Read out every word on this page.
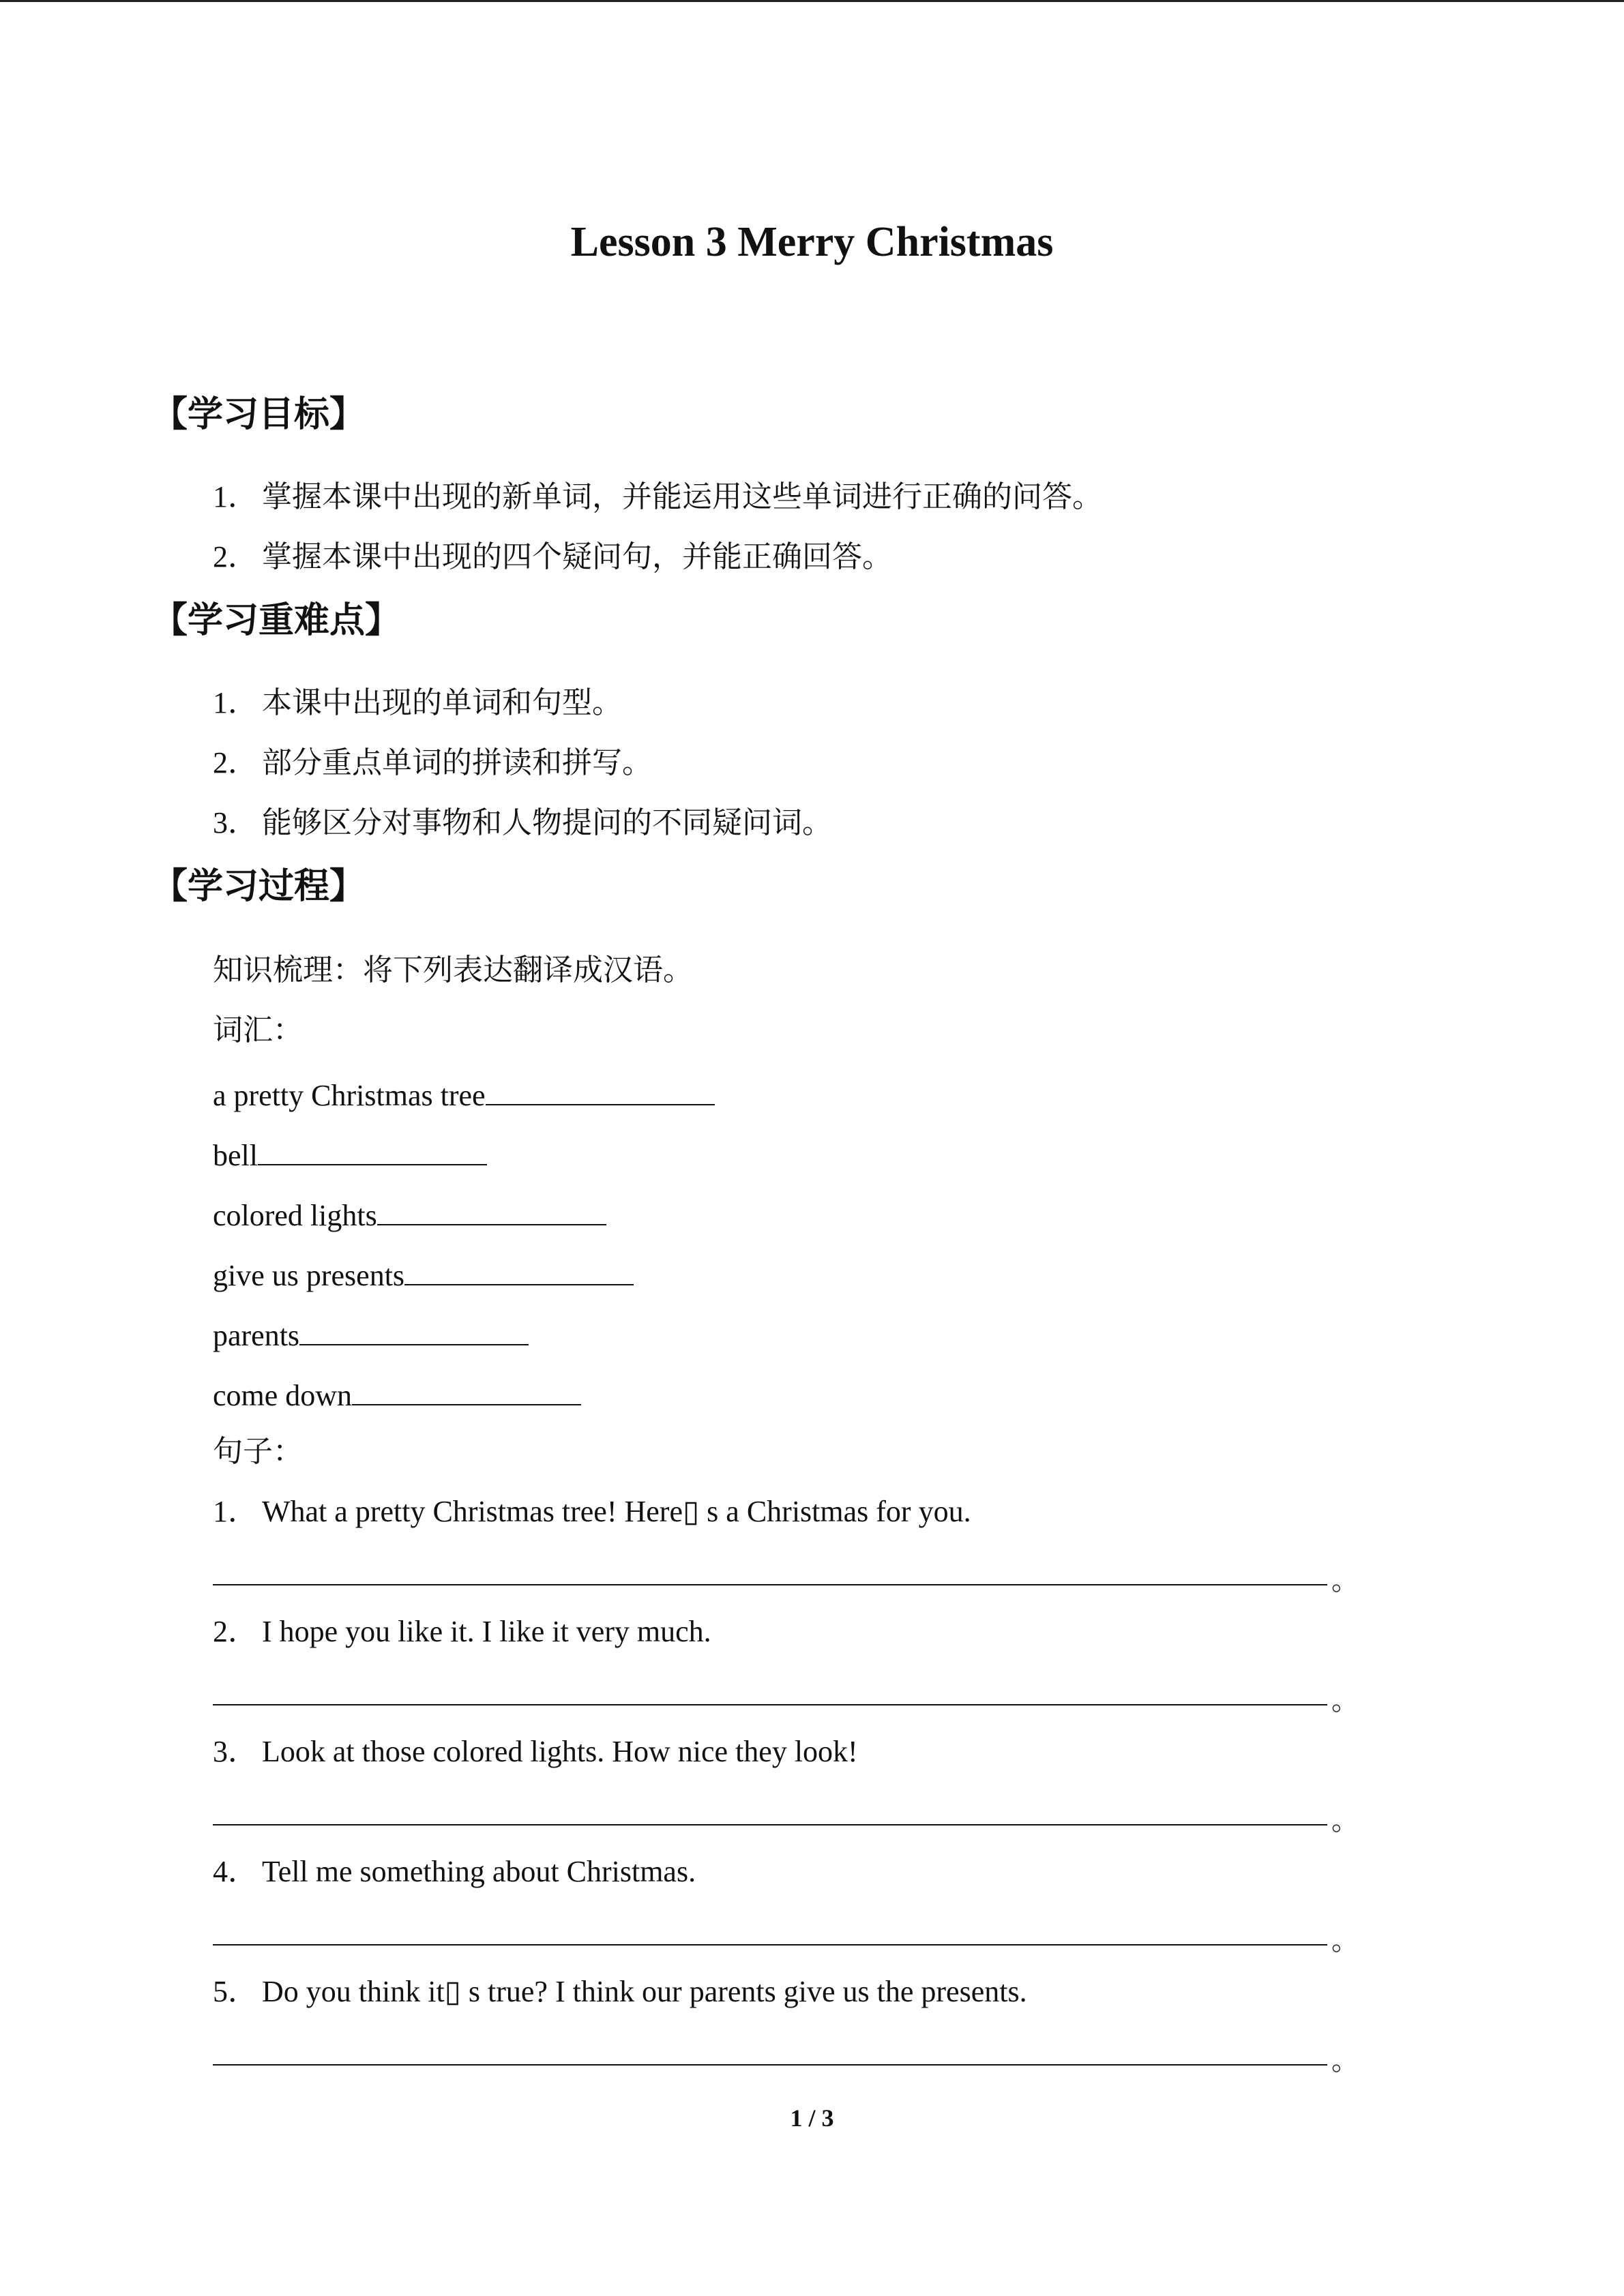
Lesson 3 Merry Christmas
【学习目标】
1． 掌握本课中出现的新单词，并能运用这些单词进行正确的问答。
2． 掌握本课中出现的四个疑问句，并能正确回答。
【学习重难点】
1． 本课中出现的单词和句型。
2． 部分重点单词的拼读和拼写。
3． 能够区分对事物和人物提问的不同疑问词。
【学习过程】
知识梳理：将下列表达翻译成汉语。
词汇：
a pretty Christmas tree
bell
colored lights
give us presents
parents
come down
句子：
1． What a pretty Christmas tree! Here▯ s a Christmas for you.
。
2． I hope you like it. I like it very much.
。
3． Look at those colored lights. How nice they look!
。
4． Tell me something about Christmas.
。
5． Do you think it▯ s true? I think our parents give us the presents.
。
1 / 3
